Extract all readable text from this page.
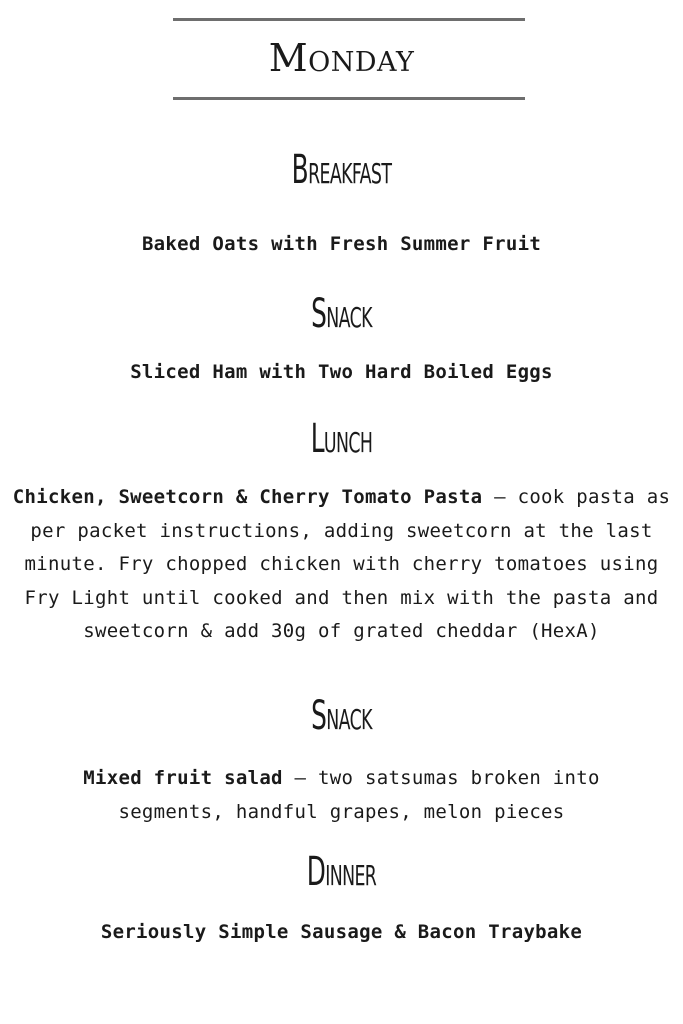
Monday
Breakfast
Baked Oats with Fresh Summer Fruit
Snack
Sliced Ham with Two Hard Boiled Eggs
Lunch
Chicken, Sweetcorn & Cherry Tomato Pasta – cook pasta as per packet instructions, adding sweetcorn at the last minute. Fry chopped chicken with cherry tomatoes using Fry Light until cooked and then mix with the pasta and sweetcorn & add 30g of grated cheddar (HexA)
Snack
Mixed fruit salad – two satsumas broken into segments, handful grapes, melon pieces
Dinner
Seriously Simple Sausage & Bacon Traybake
